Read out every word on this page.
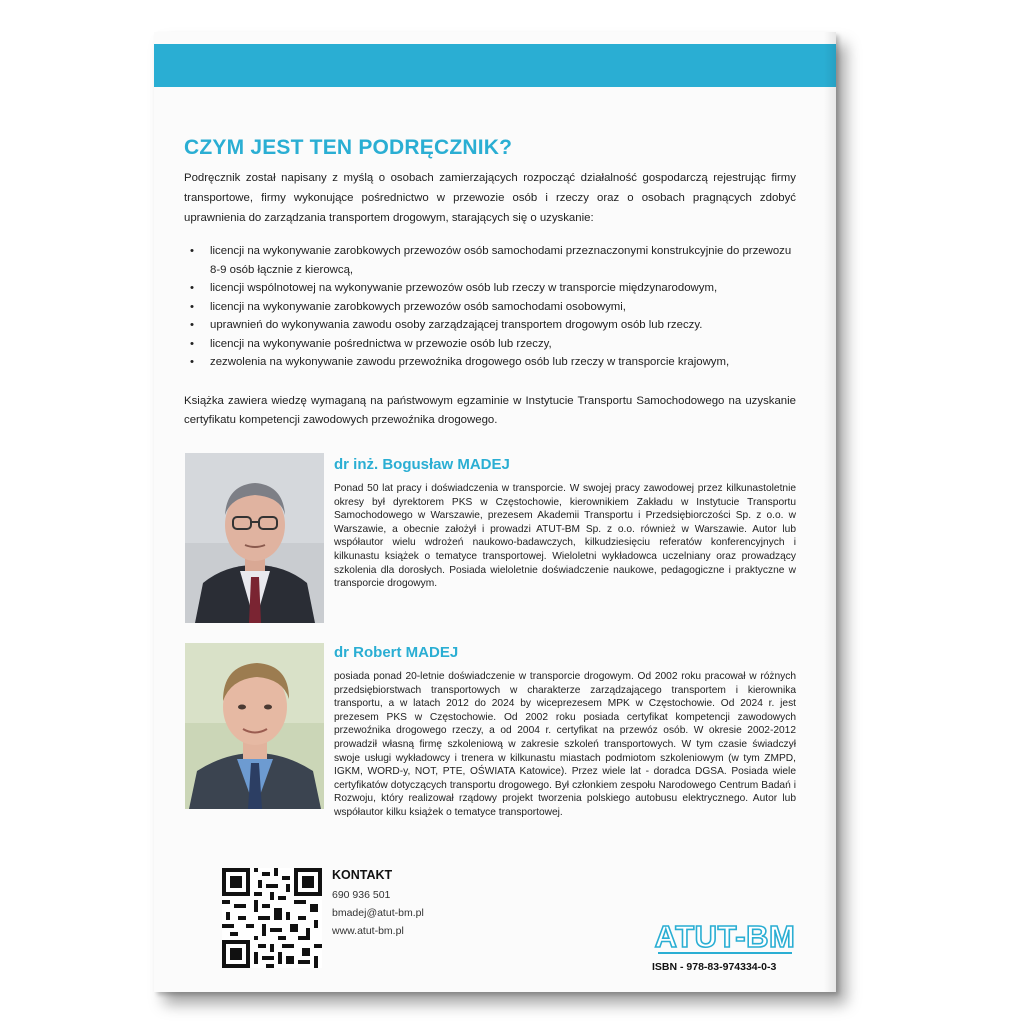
CZYM JEST TEN PODRĘCZNIK?

Podręcznik został napisany z myślą o osobach zamierzających rozpocząć działalność gospodarczą rejestrując firmy transportowe, firmy wykonujące pośrednictwo w przewozie osób i rzeczy oraz o osobach pragnących zdobyć uprawnienia do zarządzania transportem drogowym, starających się o uzyskanie:

• licencji na wykonywanie zarobkowych przewozów osób samochodami przeznaczonymi konstrukcyjnie do przewozu 8-9 osób łącznie z kierowcą,
• licencji wspólnotowej na wykonywanie przewozów osób lub rzeczy w transporcie międzynarodowym,
• licencji na wykonywanie zarobkowych przewozów osób samochodami osobowymi,
• uprawnień do wykonywania zawodu osoby zarządzającej transportem drogowym osób lub rzeczy.
• licencji na wykonywanie pośrednictwa w przewozie osób lub rzeczy,
• zezwolenia na wykonywanie zawodu przewoźnika drogowego osób lub rzeczy w transporcie krajowym,

Książka zawiera wiedzę wymaganą na państwowym egzaminie w Instytucie Transportu Samochodowego na uzyskanie certyfikatu kompetencji zawodowych przewoźnika drogowego.

dr inż. Bogusław MADEJ

Ponad 50 lat pracy i doświadczenia w transporcie. W swojej pracy zawodowej przez kilkunastoletnie okresy był dyrektorem PKS w Częstochowie, kierownikiem Zakładu w Instytucie Transportu Samochodowego w Warszawie, prezesem Akademii Transportu i Przedsiębiorczości Sp. z o.o. w Warszawie, a obecnie założył i prowadzi ATUT-BM Sp. z o.o. również w Warszawie. Autor lub współautor wielu wdrożeń naukowo-badawczych, kilkudziesięciu referatów konferencyjnych i kilkunastu książek o tematyce transportowej. Wieloletni wykładowca uczelniany oraz prowadzący szkolenia dla dorosłych. Posiada wieloletnie doświadczenie naukowe, pedagogiczne i praktyczne w transporcie drogowym.

dr Robert MADEJ

posiada ponad 20-letnie doświadczenie w transporcie drogowym. Od 2002 roku pracował w różnych przedsiębiorstwach transportowych w charakterze zarządzającego transportem i kierownika transportu, a w latach 2012 do 2024 by wiceprezesem MPK w Częstochowie. Od 2024 r. jest prezesem PKS w Częstochowie. Od 2002 roku posiada certyfikat kompetencji zawodowych przewoźnika drogowego rzeczy, a od 2004 r. certyfikat na przewóz osób. W okresie 2002-2012 prowadził własną firmę szkoleniową w zakresie szkoleń transportowych. W tym czasie świadczył swoje usługi wykładowcy i trenera w kilkunastu miastach podmiotom szkoleniowym (w tym ZMPD, IGKM, WORD-y, NOT, PTE, OŚWIATA Katowice). Przez wiele lat - doradca DGSA. Posiada wiele certyfikatów dotyczących transportu drogowego. Był członkiem zespołu Narodowego Centrum Badań i Rozwoju, który realizował rządowy projekt tworzenia polskiego autobusu elektrycznego. Autor lub współautor kilku książek o tematyce transportowej.

KONTAKT

690 936 501

bmadej@atut-bm.pl

www.atut-bm.pl	ATUT-BM

ISBN - 978-83-974334-0-3
